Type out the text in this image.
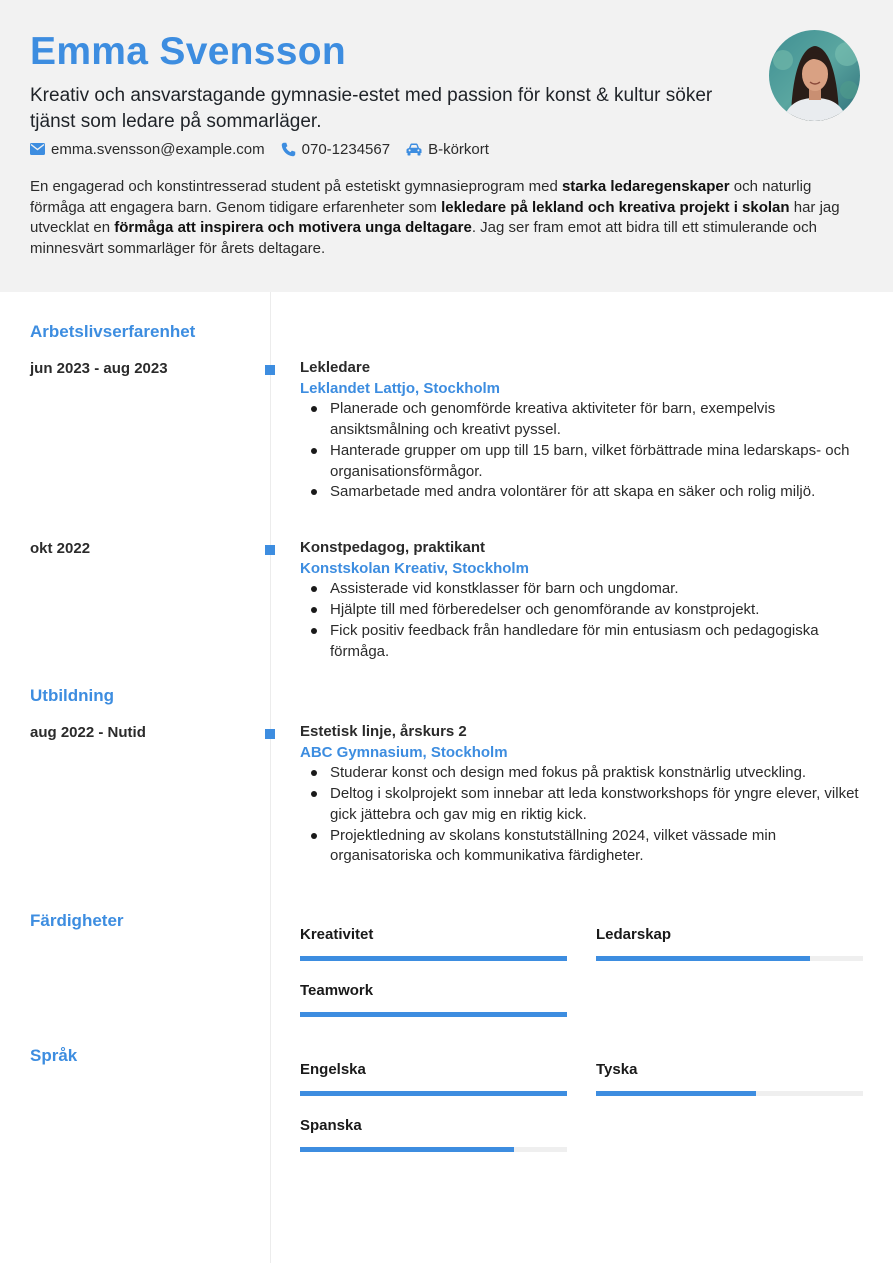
Emma Svensson
Kreativ och ansvarstagande gymnasie-estet med passion för konst & kultur söker tjänst som ledare på sommarläger.
emma.svensson@example.com 070-1234567	B-körkort
En engagerad och konstintresserad student på estetiskt gymnasieprogram med starka ledaregenskaper och naturlig förmåga att engagera barn. Genom tidigare erfarenheter som lekledare på lekland och kreativa projekt i skolan har jag utvecklat en förmåga att inspirera och motivera unga deltagare. Jag ser fram emot att bidra till ett stimulerande och minnesvärt sommarläger för årets deltagare.
Arbetslivserfarenhet
jun 2023 - aug 2023	Lekledare
Leklandet Lattjo, Stockholm
Planerade och genomförde kreativa aktiviteter för barn, exempelvis ansiktsmålning och kreativt pyssel.
Hanterade grupper om upp till 15 barn, vilket förbättrade mina ledarskaps- och organisationsförmågor.
Samarbetade med andra volontärer för att skapa en säker och rolig miljö.
okt 2022	Konstpedagog, praktikant
Konstskolan Kreativ, Stockholm
Assisterade vid konstklasser för barn och ungdomar.
Hjälpte till med förberedelser och genomförande av konstprojekt.
Fick positiv feedback från handledare för min entusiasm och pedagogiska förmåga.
Utbildning
aug 2022 - Nutid	Estetisk linje, årskurs 2
ABC Gymnasium, Stockholm
Studerar konst och design med fokus på praktisk konstnärlig utveckling.
Deltog i skolprojekt som innebar att leda konstworkshops för yngre elever, vilket gick jättebra och gav mig en riktig kick.
Projektledning av skolans konstutställning 2024, vilket vässade min organisatoriska och kommunikativa färdigheter.
Färdigheter
Kreativitet	Ledarskap
Teamwork
Språk
Engelska	Tyska
Spanska
